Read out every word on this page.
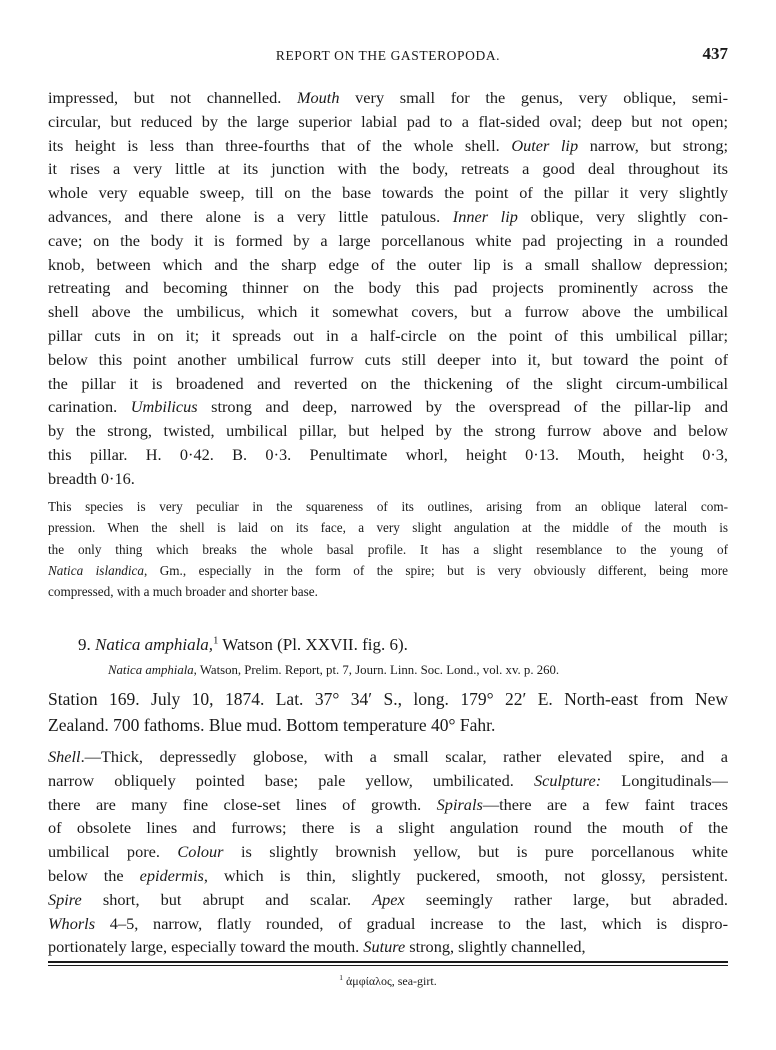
REPORT ON THE GASTEROPODA.	437
impressed, but not channelled. Mouth very small for the genus, very oblique, semi-
circular, but reduced by the large superior labial pad to a flat-sided oval; deep but not open;
its height is less than three-fourths that of the whole shell. Outer lip narrow, but strong;
it rises a very little at its junction with the body, retreats a good deal throughout its
whole very equable sweep, till on the base towards the point of the pillar it very slightly
advances, and there alone is a very little patulous. Inner lip oblique, very slightly con-
cave; on the body it is formed by a large porcellanous white pad projecting in a rounded
knob, between which and the sharp edge of the outer lip is a small shallow depression;
retreating and becoming thinner on the body this pad projects prominently across the
shell above the umbilicus, which it somewhat covers, but a furrow above the umbilical
pillar cuts in on it; it spreads out in a half-circle on the point of this umbilical pillar;
below this point another umbilical furrow cuts still deeper into it, but toward the point of
the pillar it is broadened and reverted on the thickening of the slight circum-umbilical
carination. Umbilicus strong and deep, narrowed by the overspread of the pillar-lip and
by the strong, twisted, umbilical pillar, but helped by the strong furrow above and below
this pillar. H. 0·42. B. 0·3. Penultimate whorl, height 0·13. Mouth, height 0·3,
breadth 0·16.
This species is very peculiar in the squareness of its outlines, arising from an oblique lateral com-
pression. When the shell is laid on its face, a very slight angulation at the middle of the mouth is
the only thing which breaks the whole basal profile. It has a slight resemblance to the young of
Natica islandica, Gm., especially in the form of the spire; but is very obviously different, being more
compressed, with a much broader and shorter base.
9. Natica amphiala,$^1$ Watson (Pl. XXVII. fig. 6).
Natica amphiala, Watson, Prelim. Report, pt. 7, Journ. Linn. Soc. Lond., vol. xv. p. 260.
Station 169. July 10, 1874. Lat. 37° 34′ S., long. 179° 22′ E. North-east from New
Zealand. 700 fathoms. Blue mud. Bottom temperature 40° Fahr.
Shell.—Thick, depressedly globose, with a small scalar, rather elevated spire, and a
narrow obliquely pointed base; pale yellow, umbilicated. Sculpture: Longitudinals—
there are many fine close-set lines of growth. Spirals—there are a few faint traces
of obsolete lines and furrows; there is a slight angulation round the mouth of the
umbilical pore. Colour is slightly brownish yellow, but is pure porcellanous white
below the epidermis, which is thin, slightly puckered, smooth, not glossy, persistent.
Spire short, but abrupt and scalar. Apex seemingly rather large, but abraded.
Whorls 4–5, narrow, flatly rounded, of gradual increase to the last, which is dispro-
portionately large, especially toward the mouth. Suture strong, slightly channelled,
$^1$ ἀμφίαλος, sea-girt.
